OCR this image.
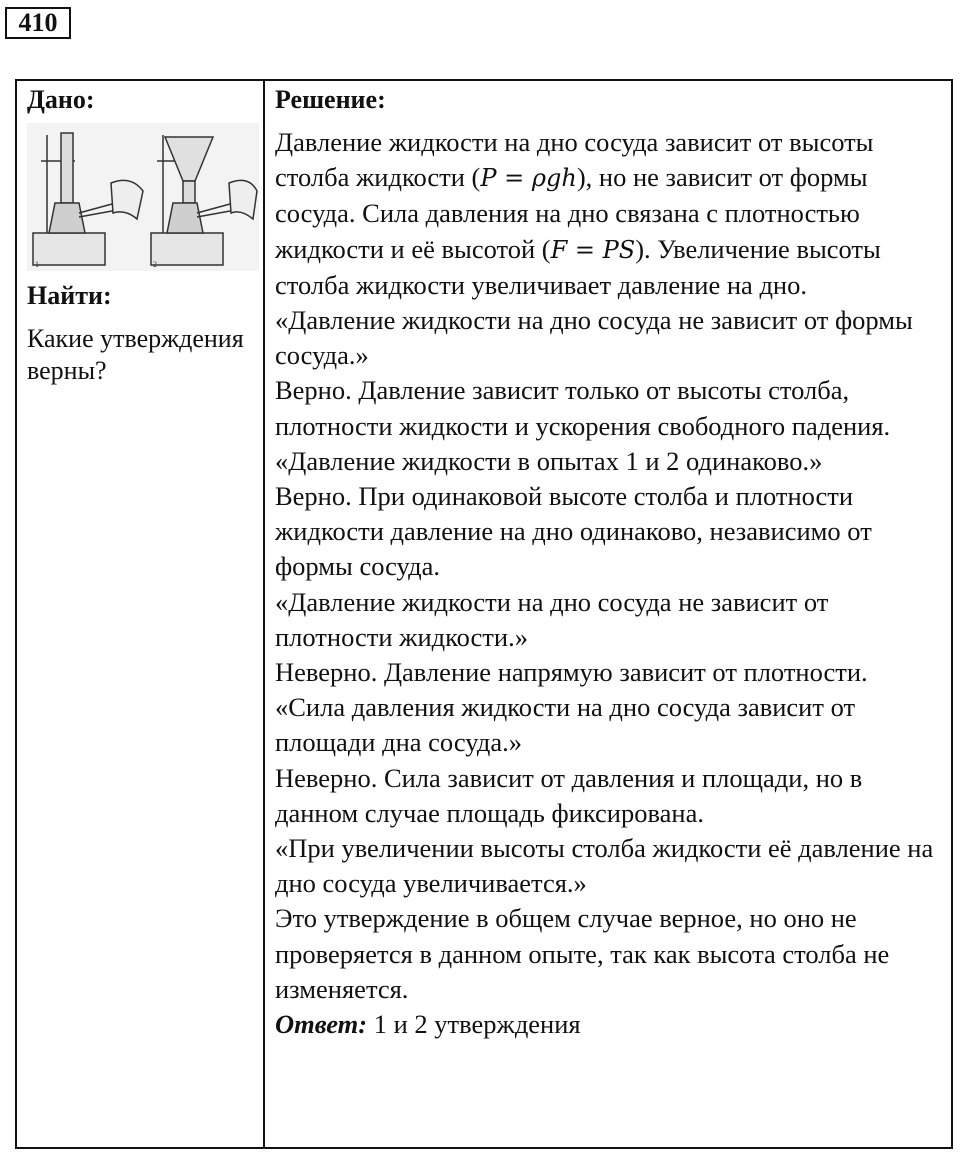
410
Дано:
1	2
Найти:
Какие утверждения верны?
Решение:

Давление жидкости на дно сосуда зависит от высоты столба жидкости (P = ρgh), но не зависит от формы сосуда. Сила давления на дно связана с плотностью жидкости и её высотой (F = PS). Увеличение высоты столба жидкости увеличивает давление на дно.

«Давление жидкости на дно сосуда не зависит от формы сосуда.»

Верно. Давление зависит только от высоты столба, плотности жидкости и ускорения свободного падения.

«Давление жидкости в опытах 1 и 2 одинаково.»

Верно. При одинаковой высоте столба и плотности жидкости давление на дно одинаково, независимо от формы сосуда.

«Давление жидкости на дно сосуда не зависит от плотности жидкости.»

Неверно. Давление напрямую зависит от плотности.

«Сила давления жидкости на дно сосуда зависит от площади дна сосуда.»

Неверно. Сила зависит от давления и площади, но в данном случае площадь фиксирована.

«При увеличении высоты столба жидкости её давление на дно сосуда увеличивается.»

Это утверждение в общем случае верное, но оно не проверяется в данном опыте, так как высота столба не изменяется.

Ответ: 1 и 2 утверждения
